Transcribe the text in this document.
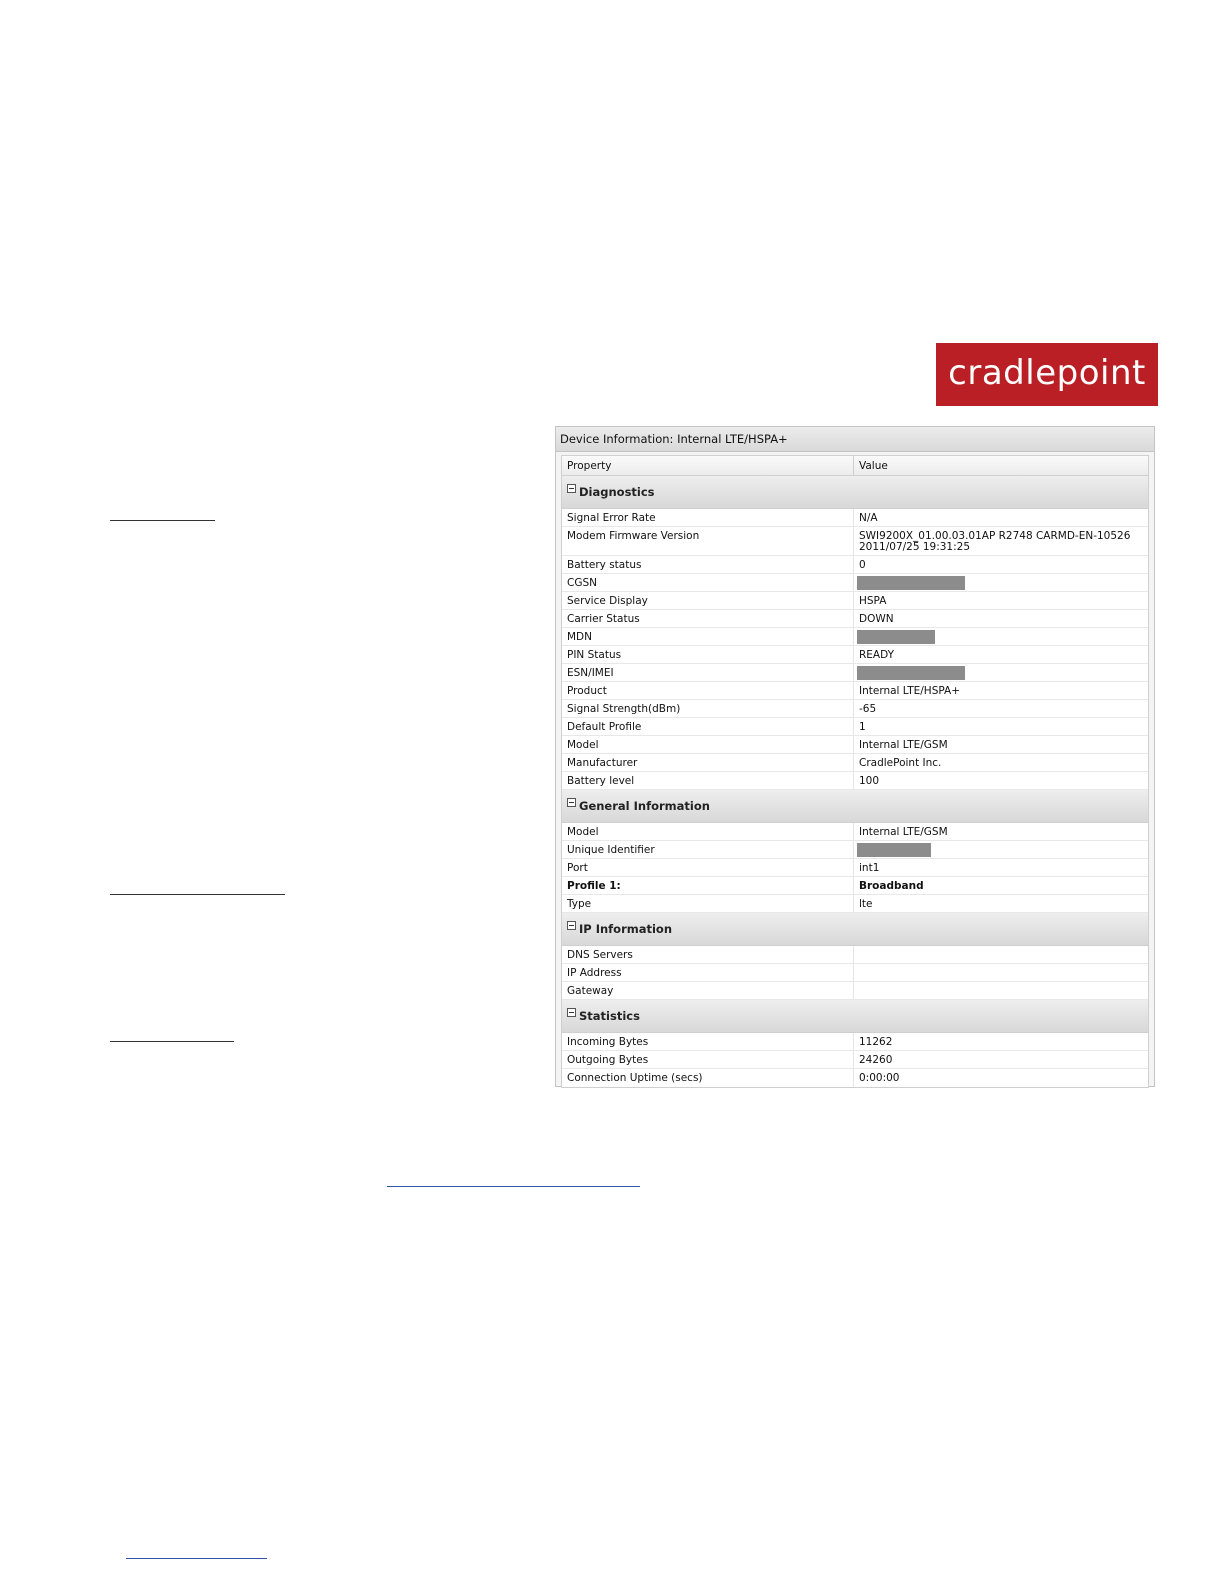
cradlepoint
Device Information: Internal LTE/HSPA+
Property	Value
Diagnostics
Signal Error Rate	N/A
Modem Firmware Version	SWI9200X_01.00.03.01AP R2748 CARMD-EN-10526
2011/07/25 19:31:25
Battery status	0
CGSN
Service Display	HSPA
Carrier Status	DOWN
MDN
PIN Status	READY
ESN/IMEI
Product	Internal LTE/HSPA+
Signal Strength(dBm)	-65
Default Profile	1
Model	Internal LTE/GSM
Manufacturer	CradlePoint Inc.
Battery level	100
General Information
Model	Internal LTE/GSM
Unique Identifier
Port	int1
Profile 1:	Broadband
Type	lte
IP Information
DNS Servers
IP Address
Gateway
Statistics
Incoming Bytes	11262
Outgoing Bytes	24260
Connection Uptime (secs)	0:00:00
